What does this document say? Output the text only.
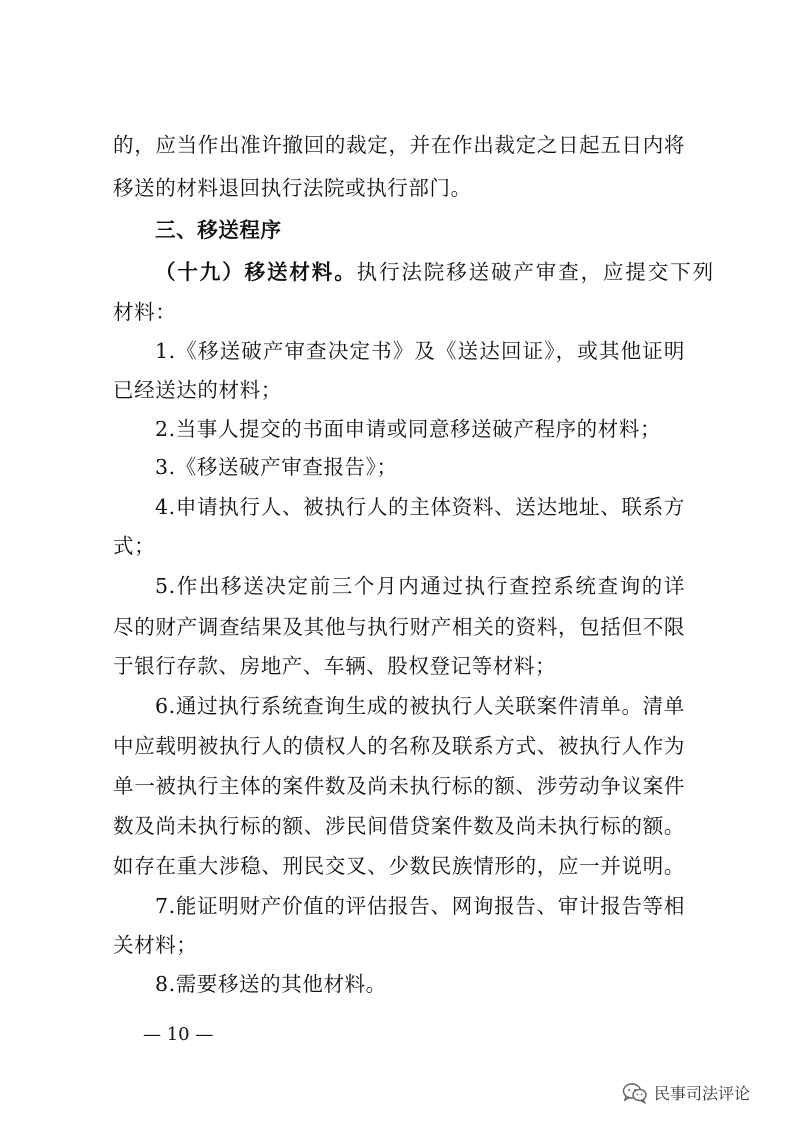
的，应当作出准许撤回的裁定，并在作出裁定之日起五日内将

移送的材料退回执行法院或执行部门。

三、移送程序

（十九）移送材料。执行法院移送破产审查，应提交下列

材料：

1.《移送破产审查决定书》及《送达回证》，或其他证明

已经送达的材料；

2.当事人提交的书面申请或同意移送破产程序的材料；

3.《移送破产审查报告》；

4.申请执行人、被执行人的主体资料、送达地址、联系方

式；

5.作出移送决定前三个月内通过执行查控系统查询的详

尽的财产调查结果及其他与执行财产相关的资料，包括但不限

于银行存款、房地产、车辆、股权登记等材料；

6.通过执行系统查询生成的被执行人关联案件清单。清单

中应载明被执行人的债权人的名称及联系方式、被执行人作为

单一被执行主体的案件数及尚未执行标的额、涉劳动争议案件

数及尚未执行标的额、涉民间借贷案件数及尚未执行标的额。

如存在重大涉稳、刑民交叉、少数民族情形的，应一并说明。

7.能证明财产价值的评估报告、网询报告、审计报告等相

关材料；

8.需要移送的其他材料。

— 10 —
民事司法评论
